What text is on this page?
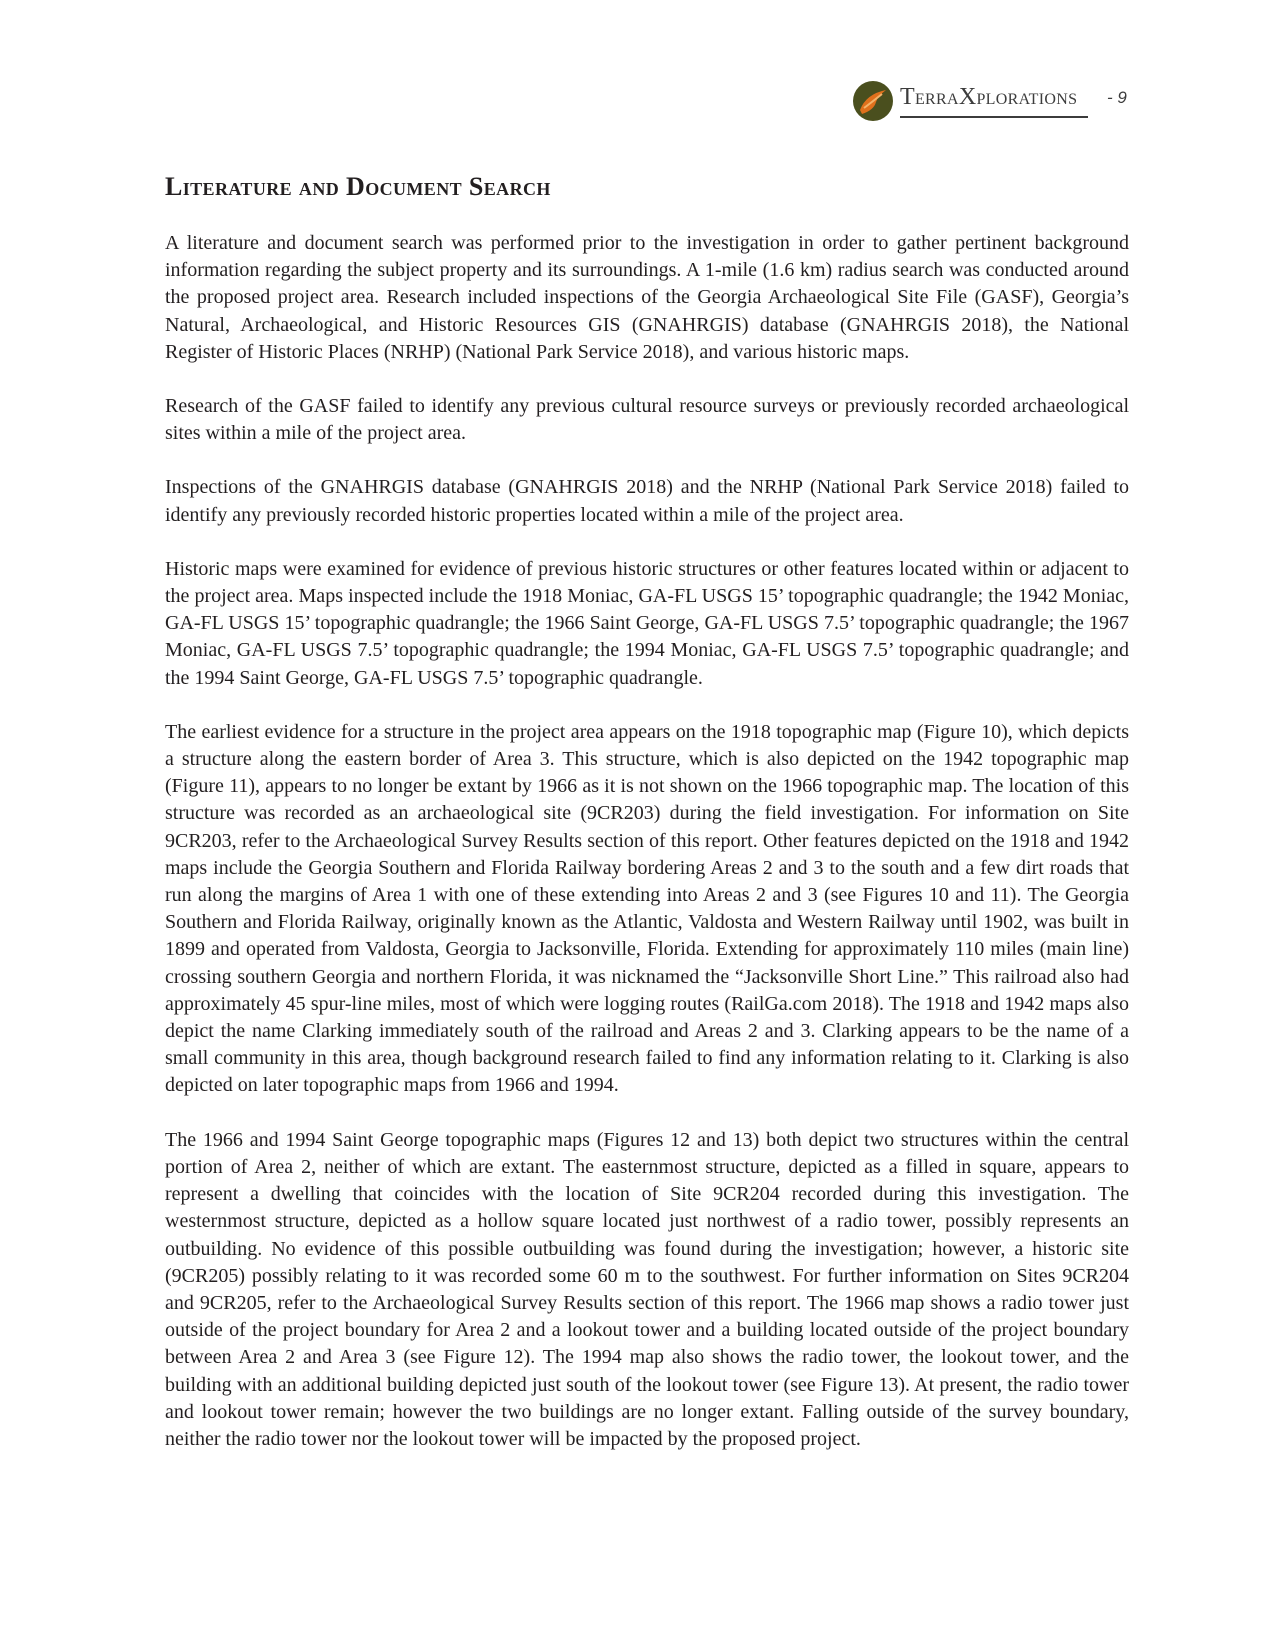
TERRAXPLORATIONS - 9
Literature and Document Search

A literature and document search was performed prior to the investigation in order to gather pertinent background information regarding the subject property and its surroundings. A 1-mile (1.6 km) radius search was conducted around the proposed project area. Research included inspections of the Georgia Archaeological Site File (GASF), Georgia’s Natural, Archaeological, and Historic Resources GIS (GNAHRGIS) database (GNAHRGIS 2018), the National Register of Historic Places (NRHP) (National Park Service 2018), and various historic maps.

Research of the GASF failed to identify any previous cultural resource surveys or previously recorded archaeological sites within a mile of the project area.

Inspections of the GNAHRGIS database (GNAHRGIS 2018) and the NRHP (National Park Service 2018) failed to identify any previously recorded historic properties located within a mile of the project area.

Historic maps were examined for evidence of previous historic structures or other features located within or adjacent to the project area. Maps inspected include the 1918 Moniac, GA-FL USGS 15’ topographic quadrangle; the 1942 Moniac, GA-FL USGS 15’ topographic quadrangle; the 1966 Saint George, GA-FL USGS 7.5’ topographic quadrangle; the 1967 Moniac, GA-FL USGS 7.5’ topographic quadrangle; the 1994 Moniac, GA-FL USGS 7.5’ topographic quadrangle; and the 1994 Saint George, GA-FL USGS 7.5’ topographic quadrangle.

The earliest evidence for a structure in the project area appears on the 1918 topographic map (Figure 10), which depicts a structure along the eastern border of Area 3. This structure, which is also depicted on the 1942 topographic map (Figure 11), appears to no longer be extant by 1966 as it is not shown on the 1966 topographic map. The location of this structure was recorded as an archaeological site (9CR203) during the field investigation. For information on Site 9CR203, refer to the Archaeological Survey Results section of this report. Other features depicted on the 1918 and 1942 maps include the Georgia Southern and Florida Railway bordering Areas 2 and 3 to the south and a few dirt roads that run along the margins of Area 1 with one of these extending into Areas 2 and 3 (see Figures 10 and 11). The Georgia Southern and Florida Railway, originally known as the Atlantic, Valdosta and Western Railway until 1902, was built in 1899 and operated from Valdosta, Georgia to Jacksonville, Florida. Extending for approximately 110 miles (main line) crossing southern Georgia and northern Florida, it was nicknamed the “Jacksonville Short Line.” This railroad also had approximately 45 spur-line miles, most of which were logging routes (RailGa.com 2018). The 1918 and 1942 maps also depict the name Clarking immediately south of the railroad and Areas 2 and 3. Clarking appears to be the name of a small community in this area, though background research failed to find any information relating to it. Clarking is also depicted on later topographic maps from 1966 and 1994.

The 1966 and 1994 Saint George topographic maps (Figures 12 and 13) both depict two structures within the central portion of Area 2, neither of which are extant. The easternmost structure, depicted as a filled in square, appears to represent a dwelling that coincides with the location of Site 9CR204 recorded during this investigation. The westernmost structure, depicted as a hollow square located just northwest of a radio tower, possibly represents an outbuilding. No evidence of this possible outbuilding was found during the investigation; however, a historic site (9CR205) possibly relating to it was recorded some 60 m to the southwest. For further information on Sites 9CR204 and 9CR205, refer to the Archaeological Survey Results section of this report. The 1966 map shows a radio tower just outside of the project boundary for Area 2 and a lookout tower and a building located outside of the project boundary between Area 2 and Area 3 (see Figure 12). The 1994 map also shows the radio tower, the lookout tower, and the building with an additional building depicted just south of the lookout tower (see Figure 13). At present, the radio tower and lookout tower remain; however the two buildings are no longer extant. Falling outside of the survey boundary, neither the radio tower nor the lookout tower will be impacted by the proposed project.
